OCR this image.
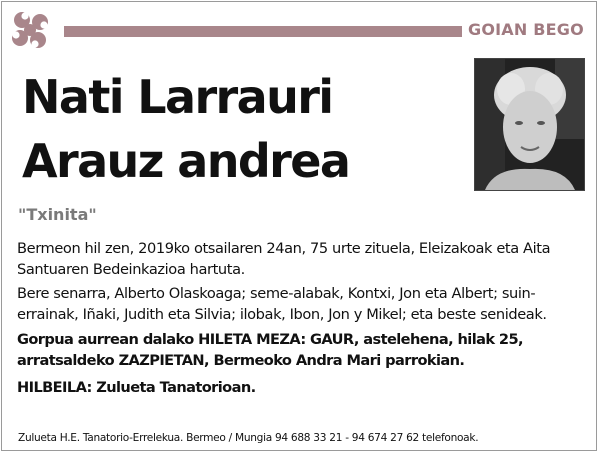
GOIAN BEGO
Nati Larrauri
Arauz andrea
"Txinita"
Bermeon hil zen, 2019ko otsailaren 24an, 75 urte zituela, Eleizakoak eta Aita Santuaren Bedeinkazioa hartuta.
Bere senarra, Alberto Olaskoaga; seme-alabak, Kontxi, Jon eta Albert; suin-errainak, Iñaki, Judith eta Silvia; ilobak, Ibon, Jon y Mikel; eta beste senideak.
Gorpua aurrean dalako HILETA MEZA: GAUR, astelehena, hilak 25, arratsaldeko ZAZPIETAN, Bermeoko Andra Mari parrokian.
HILBEILA: Zulueta Tanatorioan.
Zulueta H.E. Tanatorio-Errelekua. Bermeo / Mungia 94 688 33 21 - 94 674 27 62 telefonoak.
